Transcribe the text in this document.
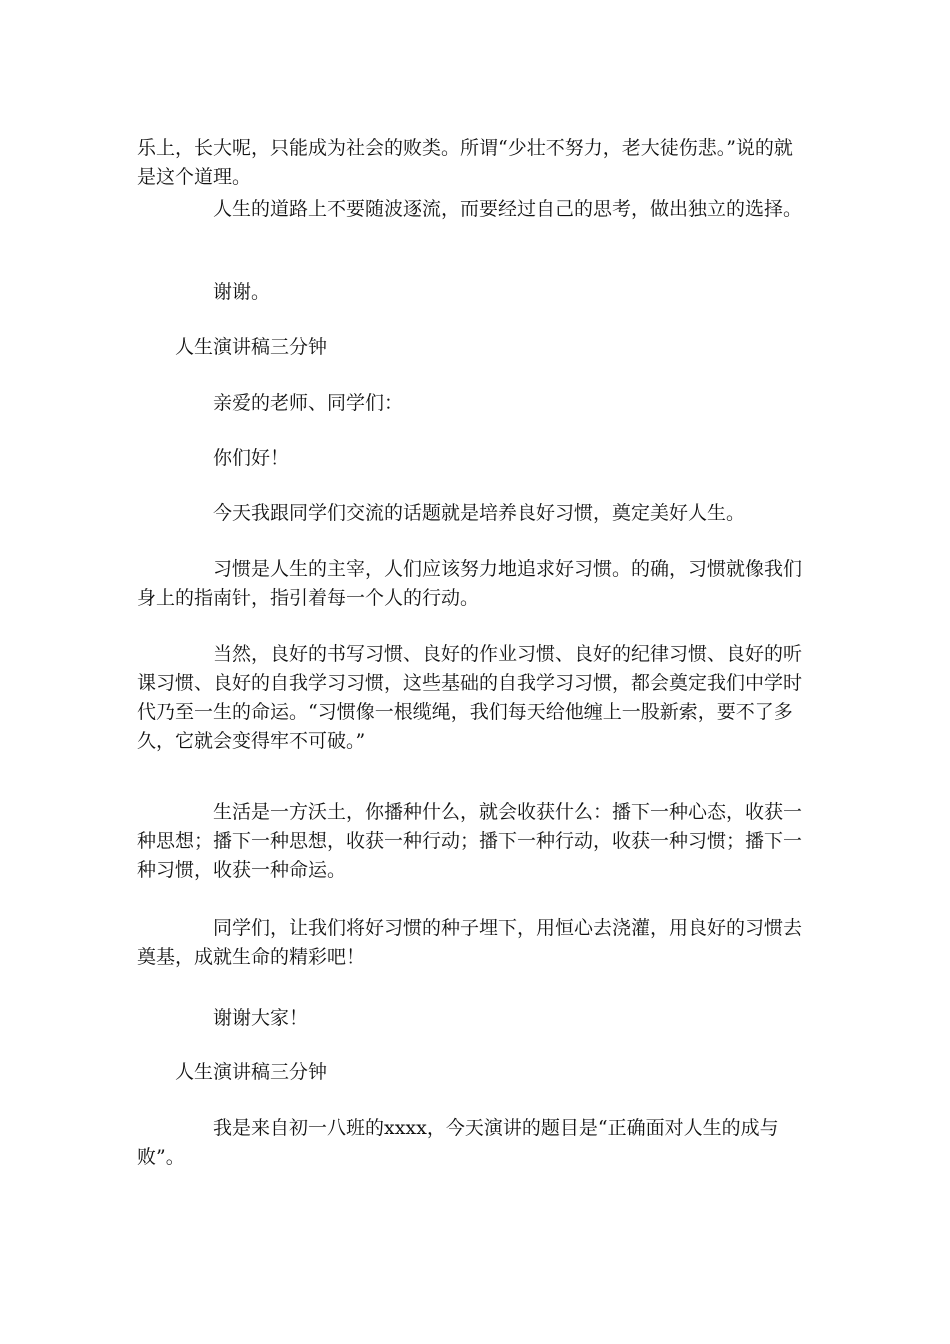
乐上，长大呢，只能成为社会的败类。所谓“少壮不努力，老大徒伤悲。”说的就是这个道理。

人生的道路上不要随波逐流，而要经过自己的思考，做出独立的选择。

谢谢。

人生演讲稿三分钟

亲爱的老师、同学们：

你们好！

今天我跟同学们交流的话题就是培养良好习惯，奠定美好人生。

习惯是人生的主宰，人们应该努力地追求好习惯。的确，习惯就像我们身上的指南针，指引着每一个人的行动。

当然，良好的书写习惯、良好的作业习惯、良好的纪律习惯、良好的听课习惯、良好的自我学习习惯，这些基础的自我学习习惯，都会奠定我们中学时代乃至一生的命运。“习惯像一根缆绳，我们每天给他缠上一股新索，要不了多久，它就会变得牢不可破。”

生活是一方沃土，你播种什么，就会收获什么：播下一种心态，收获一种思想；播下一种思想，收获一种行动；播下一种行动，收获一种习惯；播下一种习惯，收获一种命运。

同学们，让我们将好习惯的种子埋下，用恒心去浇灌，用良好的习惯去奠基，成就生命的精彩吧！

谢谢大家！

人生演讲稿三分钟

我是来自初一八班的xxxx，今天演讲的题目是“正确面对人生的成与败”。
